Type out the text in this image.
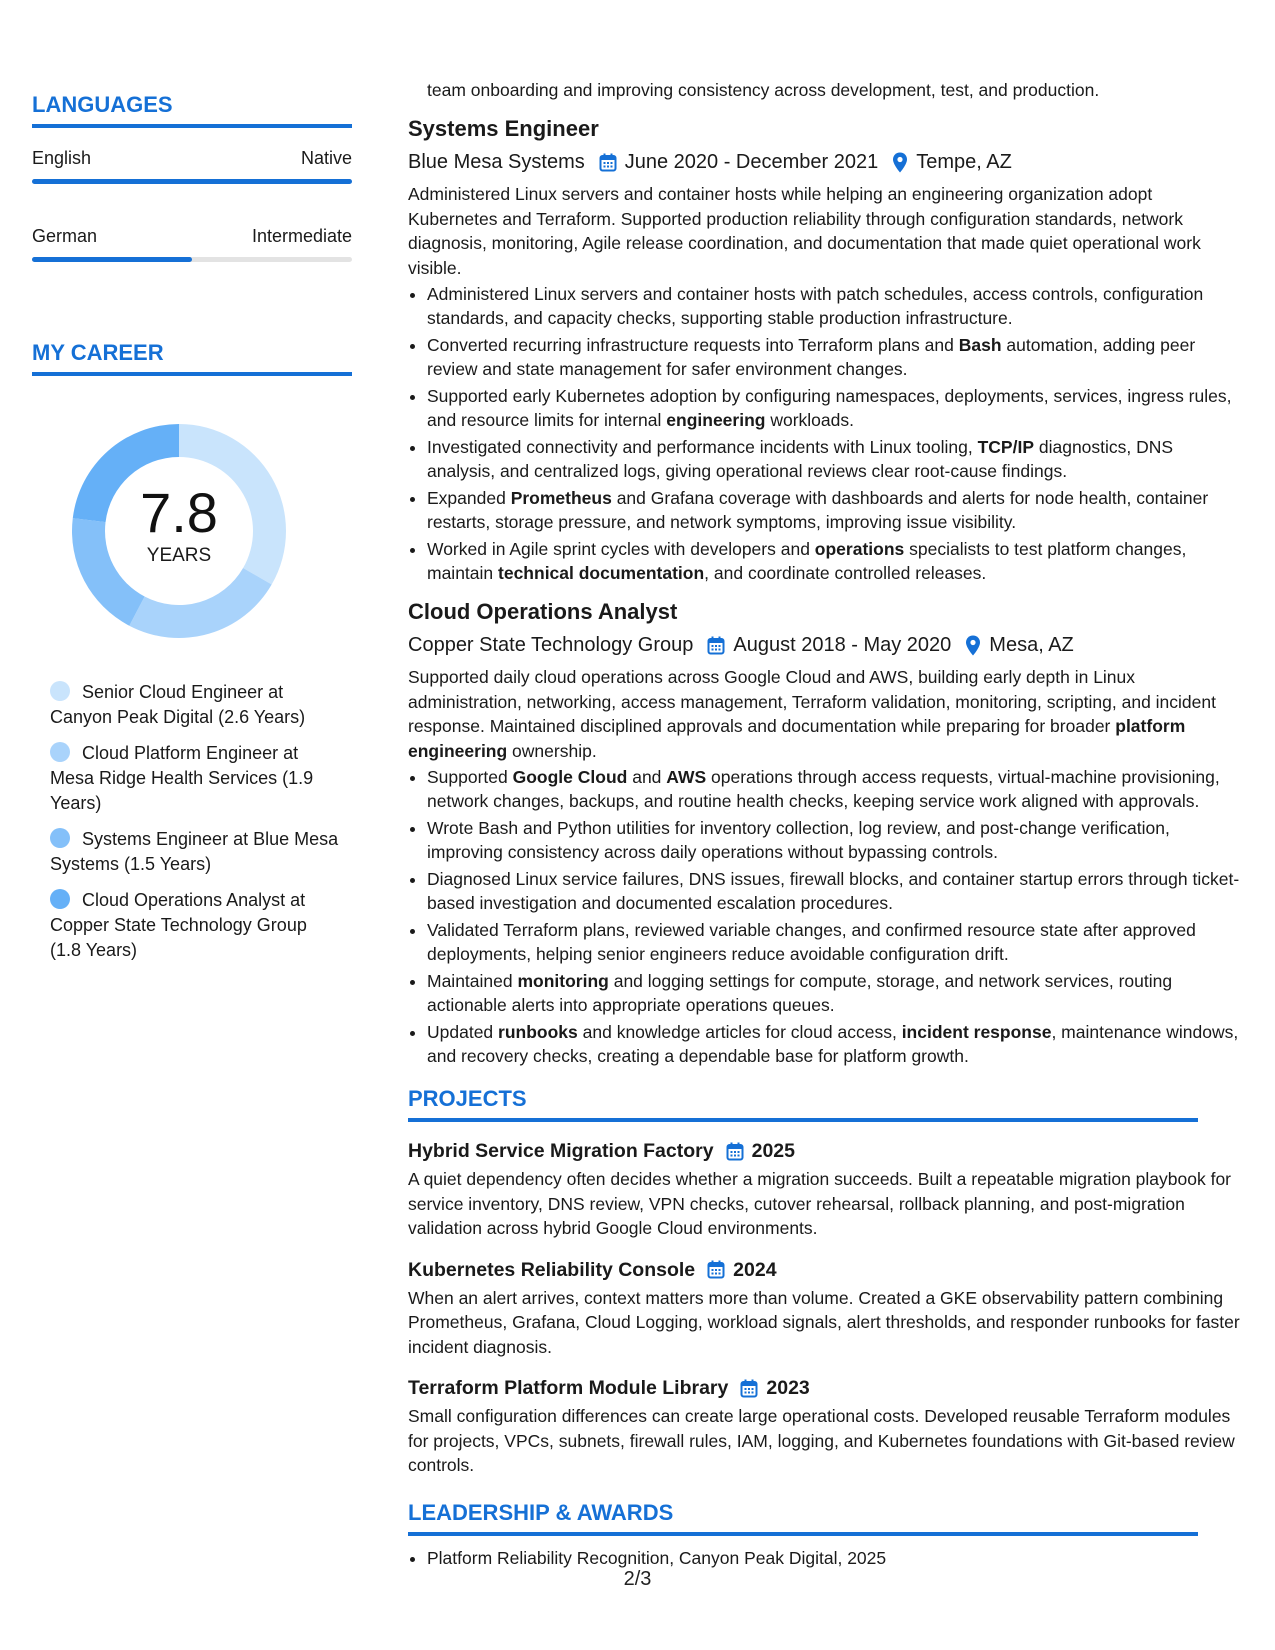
LANGUAGES
English	Native
German	Intermediate
MY CAREER
7.8
YEARS
Senior Cloud Engineer at Canyon Peak Digital (2.6 Years)
Cloud Platform Engineer at Mesa Ridge Health Services (1.9 Years)
Systems Engineer at Blue Mesa Systems (1.5 Years)
Cloud Operations Analyst at Copper State Technology Group (1.8 Years)

team onboarding and improving consistency across development, test, and production.

Systems Engineer
Blue Mesa Systems June 2020 - December 2021 Tempe, AZ

Administered Linux servers and container hosts while helping an engineering organization adopt Kubernetes and Terraform. Supported production reliability through configuration standards, network diagnosis, monitoring, Agile release coordination, and documentation that made quiet operational work visible.

• Administered Linux servers and container hosts with patch schedules, access controls, configuration standards, and capacity checks, supporting stable production infrastructure.
• Converted recurring infrastructure requests into Terraform plans and Bash automation, adding peer review and state management for safer environment changes.
• Supported early Kubernetes adoption by configuring namespaces, deployments, services, ingress rules, and resource limits for internal engineering workloads.
• Investigated connectivity and performance incidents with Linux tooling, TCP/IP diagnostics, DNS analysis, and centralized logs, giving operational reviews clear root-cause findings.
• Expanded Prometheus and Grafana coverage with dashboards and alerts for node health, container restarts, storage pressure, and network symptoms, improving issue visibility.
• Worked in Agile sprint cycles with developers and operations specialists to test platform changes, maintain technical documentation, and coordinate controlled releases.
Cloud Operations Analyst
Copper State Technology Group August 2018 - May 2020 Mesa, AZ

Supported daily cloud operations across Google Cloud and AWS, building early depth in Linux administration, networking, access management, Terraform validation, monitoring, scripting, and incident response. Maintained disciplined approvals and documentation while preparing for broader platform engineering ownership.

• Supported Google Cloud and AWS operations through access requests, virtual-machine provisioning, network changes, backups, and routine health checks, keeping service work aligned with approvals.
• Wrote Bash and Python utilities for inventory collection, log review, and post-change verification, improving consistency across daily operations without bypassing controls.
• Diagnosed Linux service failures, DNS issues, firewall blocks, and container startup errors through ticket-based investigation and documented escalation procedures.
• Validated Terraform plans, reviewed variable changes, and confirmed resource state after approved deployments, helping senior engineers reduce avoidable configuration drift.
• Maintained monitoring and logging settings for compute, storage, and network services, routing actionable alerts into appropriate operations queues.
• Updated runbooks and knowledge articles for cloud access, incident response, maintenance windows, and recovery checks, creating a dependable base for platform growth.
PROJECTS
Hybrid Service Migration Factory 2025

A quiet dependency often decides whether a migration succeeds. Built a repeatable migration playbook for service inventory, DNS review, VPN checks, cutover rehearsal, rollback planning, and post-migration validation across hybrid Google Cloud environments.

Kubernetes Reliability Console 2024

When an alert arrives, context matters more than volume. Created a GKE observability pattern combining Prometheus, Grafana, Cloud Logging, workload signals, alert thresholds, and responder runbooks for faster incident diagnosis.

Terraform Platform Module Library 2023

Small configuration differences can create large operational costs. Developed reusable Terraform modules for projects, VPCs, subnets, firewall rules, IAM, logging, and Kubernetes foundations with Git-based review controls.

LEADERSHIP & AWARDS
• Platform Reliability Recognition, Canyon Peak Digital, 2025
2/3
